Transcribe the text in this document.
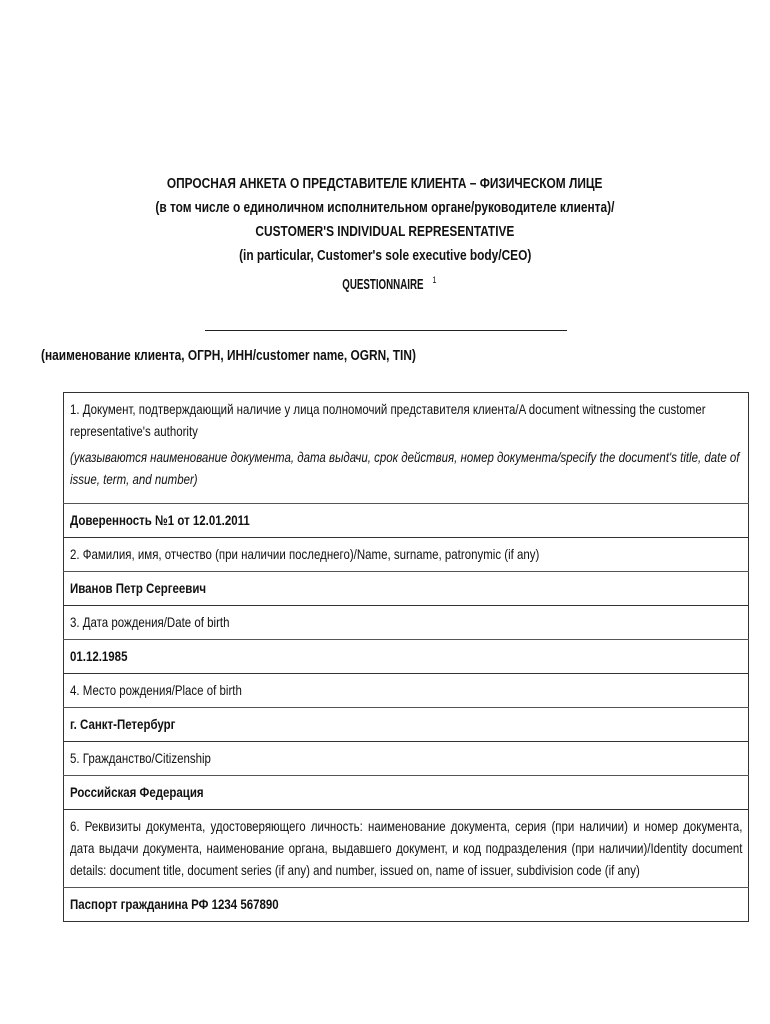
ОПРОСНАЯ АНКЕТА О ПРЕДСТАВИТЕЛЕ КЛИЕНТА – ФИЗИЧЕСКОМ ЛИЦЕ
(в том числе о единоличном исполнительном органе/руководителе клиента)/
CUSTOMER'S INDIVIDUAL REPRESENTATIVE
(in particular, Customer's sole executive body/CEO)
QUESTIONNAIRE $^1$
(наименование клиента, ОГРН, ИНН/customer name, OGRN, TIN)
1. Документ, подтверждающий наличие у лица полномочий представителя клиента/A document witnessing the customer representative's authority
(указываются наименование документа, дата выдачи, срок действия, номер документа/specify the document's title, date of issue, term, and number)

Доверенность №1 от 12.01.2011
2. Фамилия, имя, отчество (при наличии последнего)/Name, surname, patronymic (if any)
Иванов Петр Сергеевич
3. Дата рождения/Date of birth
01.12.1985
4. Место рождения/Place of birth
г. Санкт-Петербург
5. Гражданство/Citizenship
Российская Федерация

6. Реквизиты документа, удостоверяющего личность: наименование документа, серия (при наличии) и номер документа, дата выдачи документа, наименование органа, выдавшего документ, и код подразделения (при наличии)/Identity document details: document title, document series (if any) and number, issued on, name of issuer, subdivision code (if any)

Паспорт гражданина РФ 1234 567890
